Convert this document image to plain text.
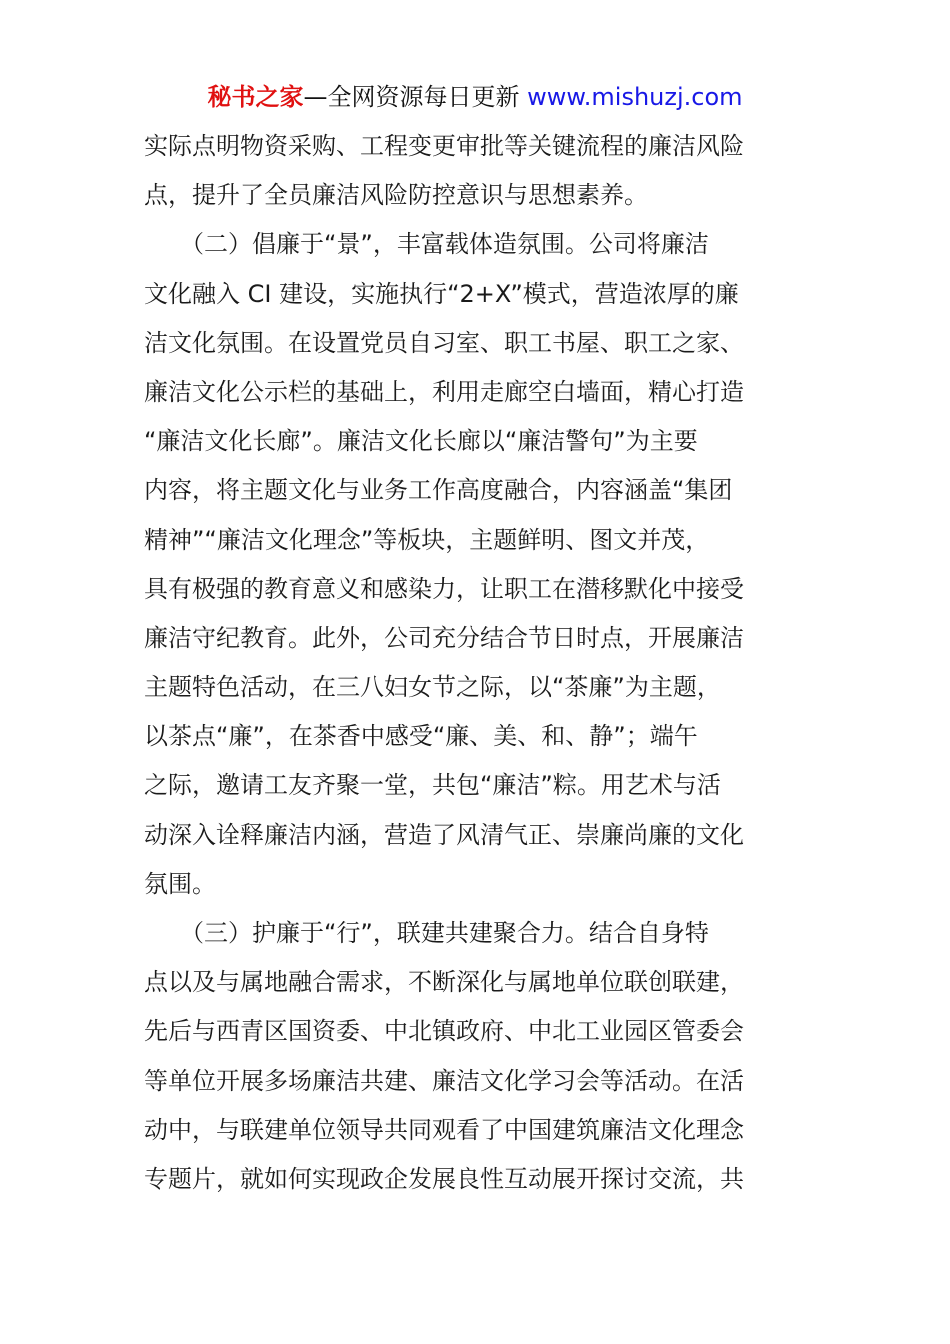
秘书之家—全网资源每日更新 www.mishuzj.com
实际点明物资采购、工程变更审批等关键流程的廉洁风险
点，提升了全员廉洁风险防控意识与思想素养。
　　（二）倡廉于“景”，丰富载体造氛围。公司将廉洁
文化融入 CI 建设，实施执行“2+X”模式，营造浓厚的廉
洁文化氛围。在设置党员自习室、职工书屋、职工之家、
廉洁文化公示栏的基础上，利用走廊空白墙面，精心打造
“廉洁文化长廊”。廉洁文化长廊以“廉洁警句”为主要
内容，将主题文化与业务工作高度融合，内容涵盖“集团
精神”“廉洁文化理念”等板块，主题鲜明、图文并茂，
具有极强的教育意义和感染力，让职工在潜移默化中接受
廉洁守纪教育。此外，公司充分结合节日时点，开展廉洁
主题特色活动，在三八妇女节之际，以“茶廉”为主题，
以茶点“廉”，在茶香中感受“廉、美、和、静”；端午
之际，邀请工友齐聚一堂，共包“廉洁”粽。用艺术与活
动深入诠释廉洁内涵，营造了风清气正、崇廉尚廉的文化
氛围。
　　（三）护廉于“行”，联建共建聚合力。结合自身特
点以及与属地融合需求，不断深化与属地单位联创联建，
先后与西青区国资委、中北镇政府、中北工业园区管委会
等单位开展多场廉洁共建、廉洁文化学习会等活动。在活
动中，与联建单位领导共同观看了中国建筑廉洁文化理念
专题片，就如何实现政企发展良性互动展开探讨交流，共
